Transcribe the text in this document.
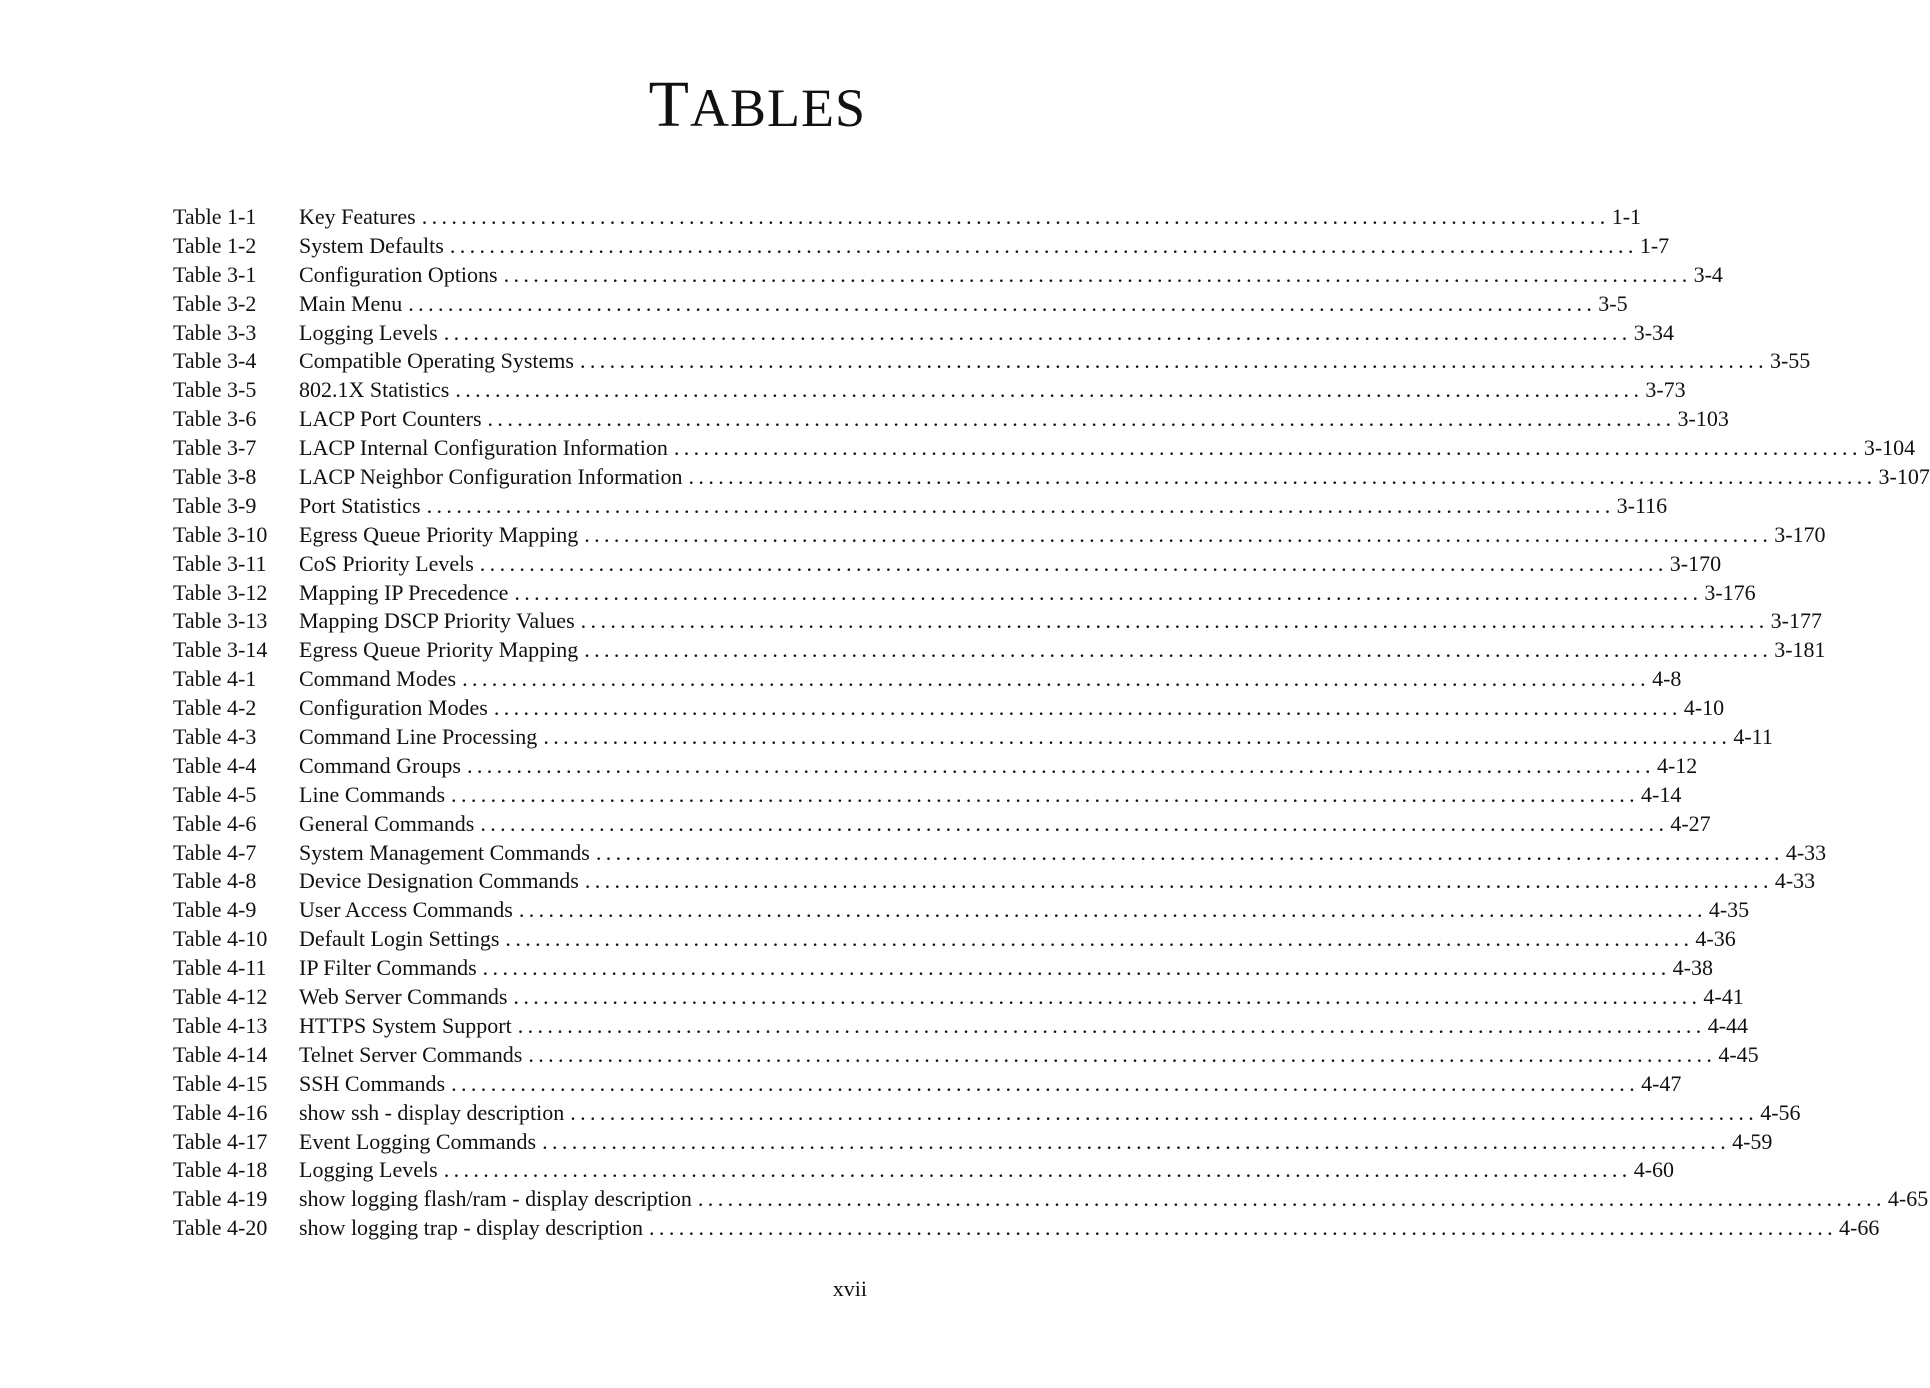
TABLES
Table 1-1	Key Features ........................................................................................................................ 1-1
Table 1-2	System Defaults ........................................................................................................................ 1-7
Table 3-1	Configuration Options ........................................................................................................................ 3-4
Table 3-2	Main Menu ........................................................................................................................ 3-5
Table 3-3	Logging Levels ........................................................................................................................ 3-34
Table 3-4	Compatible Operating Systems ........................................................................................................................ 3-55
Table 3-5	802.1X Statistics ........................................................................................................................ 3-73
Table 3-6	LACP Port Counters ........................................................................................................................ 3-103
Table 3-7	LACP Internal Configuration Information ........................................................................................................................ 3-104
Table 3-8	LACP Neighbor Configuration Information ........................................................................................................................ 3-107
Table 3-9	Port Statistics ........................................................................................................................ 3-116
Table 3-10	Egress Queue Priority Mapping ........................................................................................................................ 3-170
Table 3-11	CoS Priority Levels ........................................................................................................................ 3-170
Table 3-12	Mapping IP Precedence ........................................................................................................................ 3-176
Table 3-13	Mapping DSCP Priority Values ........................................................................................................................ 3-177
Table 3-14	Egress Queue Priority Mapping ........................................................................................................................ 3-181
Table 4-1	Command Modes ........................................................................................................................ 4-8
Table 4-2	Configuration Modes ........................................................................................................................ 4-10
Table 4-3	Command Line Processing ........................................................................................................................ 4-11
Table 4-4	Command Groups ........................................................................................................................ 4-12
Table 4-5	Line Commands ........................................................................................................................ 4-14
Table 4-6	General Commands ........................................................................................................................ 4-27
Table 4-7	System Management Commands ........................................................................................................................ 4-33
Table 4-8	Device Designation Commands ........................................................................................................................ 4-33
Table 4-9	User Access Commands ........................................................................................................................ 4-35
Table 4-10	Default Login Settings ........................................................................................................................ 4-36
Table 4-11	IP Filter Commands ........................................................................................................................ 4-38
Table 4-12	Web Server Commands ........................................................................................................................ 4-41
Table 4-13	HTTPS System Support ........................................................................................................................ 4-44
Table 4-14	Telnet Server Commands ........................................................................................................................ 4-45
Table 4-15	SSH Commands ........................................................................................................................ 4-47
Table 4-16	show ssh - display description ........................................................................................................................ 4-56
Table 4-17	Event Logging Commands ........................................................................................................................ 4-59
Table 4-18	Logging Levels ........................................................................................................................ 4-60
Table 4-19	show logging flash/ram - display description ........................................................................................................................ 4-65
Table 4-20	show logging trap - display description ........................................................................................................................ 4-66
xvii
